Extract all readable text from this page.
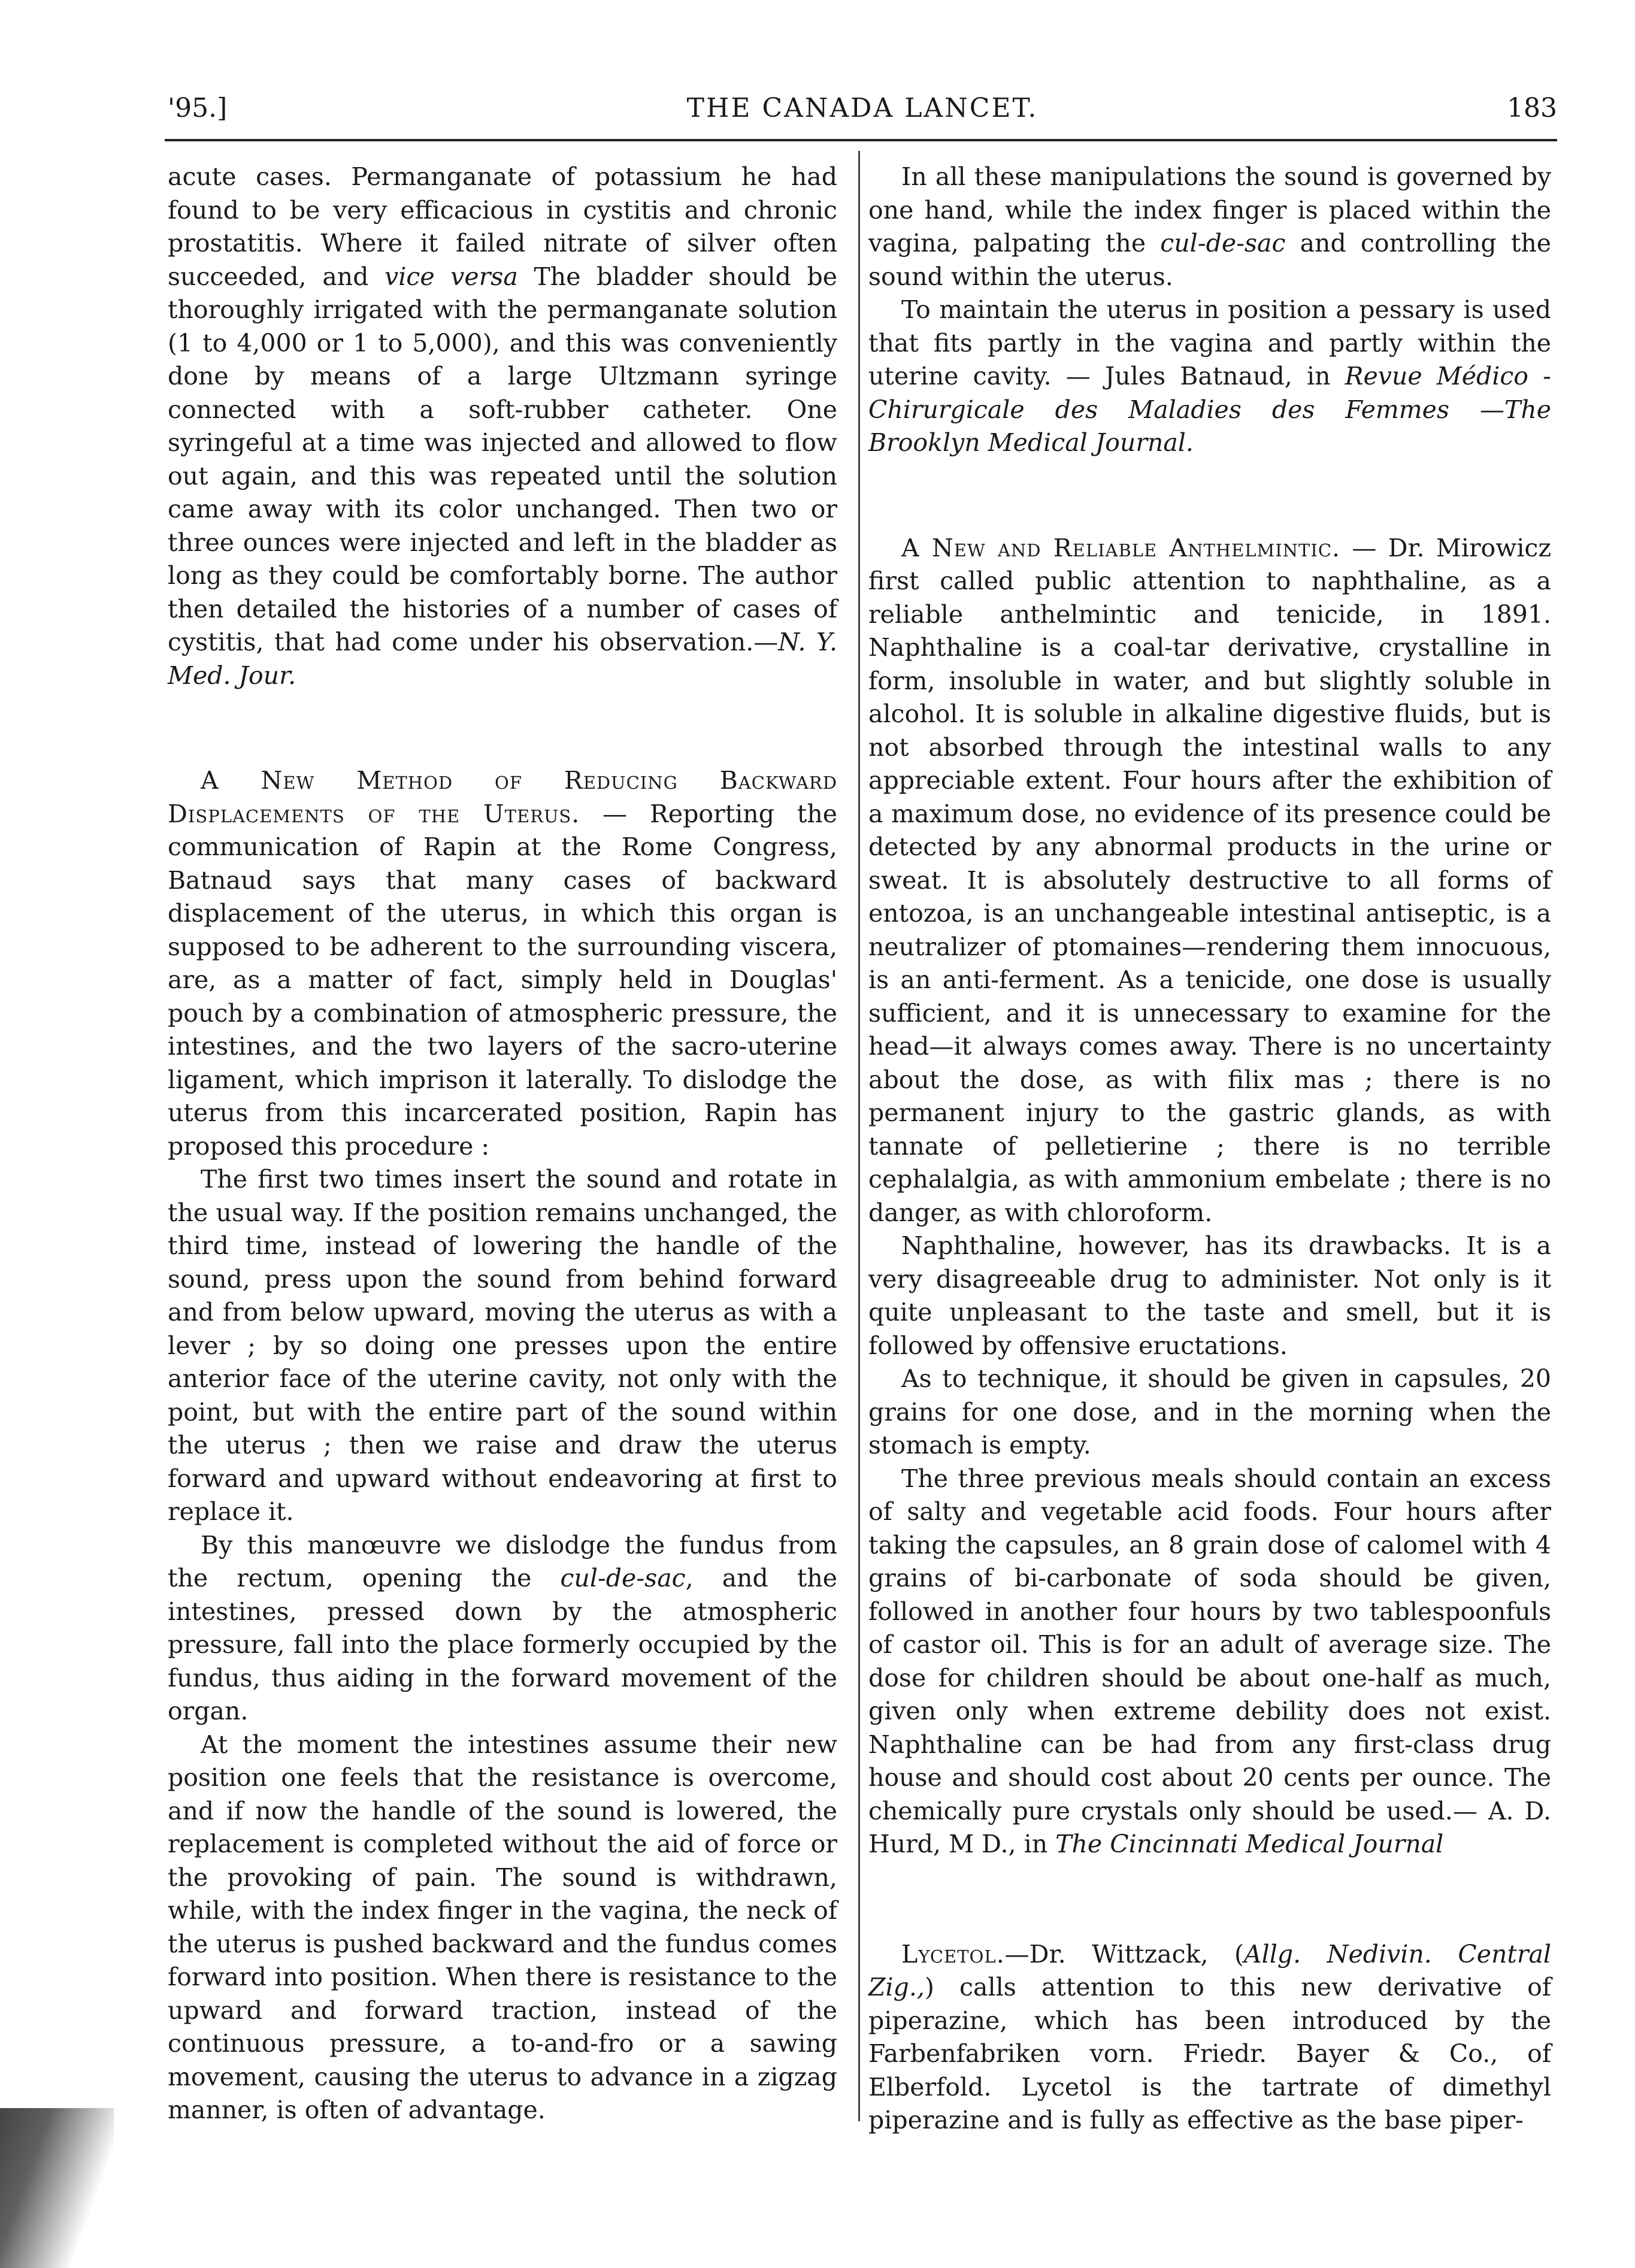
'95.]	THE CANADA LANCET.	183

acute cases. Permanganate of potassium he had found to be very efficacious in cystitis and chronic prostatitis. Where it failed nitrate of silver often succeeded, and vice versa The bladder should be thoroughly irrigated with the permanganate solution (1 to 4,000 or 1 to 5,000), and this was conveniently done by means of a large Ultzmann syringe connected with a soft-rubber catheter. One syringeful at a time was injected and allowed to flow out again, and this was repeated until the solution came away with its color unchanged. Then two or three ounces were injected and left in the bladder as long as they could be comfortably borne. The author then detailed the histories of a number of cases of cystitis, that had come under his observation.—N. Y. Med. Jour.

A New Method of Reducing Backward Displacements of the Uterus. — Reporting the communication of Rapin at the Rome Congress, Batnaud says that many cases of backward displacement of the uterus, in which this organ is supposed to be adherent to the surrounding viscera, are, as a matter of fact, simply held in Douglas' pouch by a combination of atmospheric pressure, the intestines, and the two layers of the sacro-uterine ligament, which imprison it laterally. To dislodge the uterus from this incarcerated position, Rapin has proposed this procedure :

The first two times insert the sound and rotate in the usual way. If the position remains unchanged, the third time, instead of lowering the handle of the sound, press upon the sound from behind forward and from below upward, moving the uterus as with a lever ; by so doing one presses upon the entire anterior face of the uterine cavity, not only with the point, but with the entire part of the sound within the uterus ; then we raise and draw the uterus forward and upward without endeavoring at first to replace it.

By this manœuvre we dislodge the fundus from the rectum, opening the cul-de-sac, and the intestines, pressed down by the atmospheric pressure, fall into the place formerly occupied by the fundus, thus aiding in the forward movement of the organ.

At the moment the intestines assume their new position one feels that the resistance is overcome, and if now the handle of the sound is lowered, the replacement is completed without the aid of force or the provoking of pain. The sound is withdrawn, while, with the index finger in the vagina, the neck of the uterus is pushed backward and the fundus comes forward into position. When there is resistance to the upward and forward traction, instead of the continuous pressure, a to-and-fro or a sawing movement, causing the uterus to advance in a zigzag manner, is often of advantage.

In all these manipulations the sound is governed by one hand, while the index finger is placed within the vagina, palpating the cul-de-sac and controlling the sound within the uterus.

To maintain the uterus in position a pessary is used that fits partly in the vagina and partly within the uterine cavity. — Jules Batnaud, in Revue Médico - Chirurgicale des Maladies des Femmes —The Brooklyn Medical Journal.

A New and Reliable Anthelmintic. — Dr. Mirowicz first called public attention to naphthaline, as a reliable anthelmintic and tenicide, in 1891. Naphthaline is a coal-tar derivative, crystalline in form, insoluble in water, and but slightly soluble in alcohol. It is soluble in alkaline digestive fluids, but is not absorbed through the intestinal walls to any appreciable extent. Four hours after the exhibition of a maximum dose, no evidence of its presence could be detected by any abnormal products in the urine or sweat. It is absolutely destructive to all forms of entozoa, is an unchangeable intestinal antiseptic, is a neutralizer of ptomaines—rendering them innocuous, is an anti-ferment. As a tenicide, one dose is usually sufficient, and it is unnecessary to examine for the head—it always comes away. There is no uncertainty about the dose, as with filix mas ; there is no permanent injury to the gastric glands, as with tannate of pelletierine ; there is no terrible cephalalgia, as with ammonium embelate ; there is no danger, as with chloroform.

Naphthaline, however, has its drawbacks. It is a very disagreeable drug to administer. Not only is it quite unpleasant to the taste and smell, but it is followed by offensive eructations.

As to technique, it should be given in capsules, 20 grains for one dose, and in the morning when the stomach is empty.

The three previous meals should contain an excess of salty and vegetable acid foods. Four hours after taking the capsules, an 8 grain dose of calomel with 4 grains of bi-carbonate of soda should be given, followed in another four hours by two tablespoonfuls of castor oil. This is for an adult of average size. The dose for children should be about one-half as much, given only when extreme debility does not exist. Naphthaline can be had from any first-class drug house and should cost about 20 cents per ounce. The chemically pure crystals only should be used.— A. D. Hurd, M D., in The Cincinnati Medical Journal

Lycetol.—Dr. Wittzack, (Allg. Nedivin. Central Zig.,) calls attention to this new derivative of piperazine, which has been introduced by the Farbenfabriken vorn. Friedr. Bayer & Co., of Elberfold. Lycetol is the tartrate of dimethyl piperazine and is fully as effective as the base piper-
